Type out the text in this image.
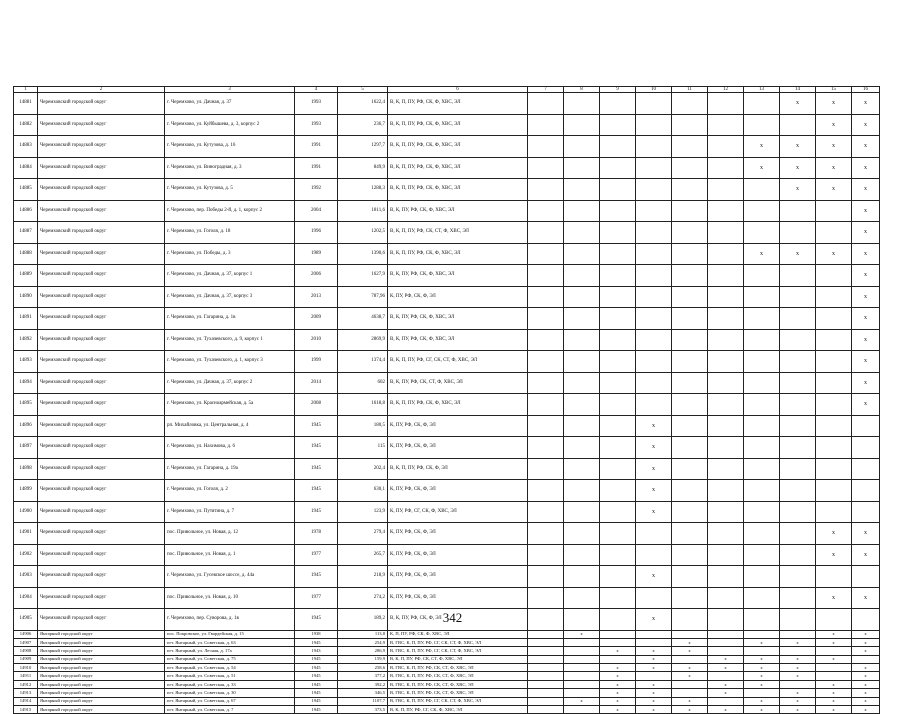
1	2	3	4	5	6	7	8	9	10	11	12	13	14	15	16
14881	Черемховский городской округ	г. Черемхово, ул. Дачная, д. 37	1993	1622,4	В, К, П, ПУ, РФ, СК, Ф, ХВС, ЭЛ								x	x	x
14882	Черемховский городской округ	г. Черемхово, ул. Куйбышева, д. 3, корпус 2	1993	236,7	В, К, П, ПУ, РФ, СК, Ф, ХВС, ЭЛ									x	x
14883	Черемховский городской округ	г. Черемхово, ул. Кутузова, д. 16	1991	1297,7	В, К, П, ПУ, РФ, СК, Ф, ХВС, ЭЛ							x	x	x	x
14884	Черемховский городской округ	г. Черемхово, ул. Виноградная, д. 3	1991	849,9	В, К, П, ПУ, РФ, СК, Ф, ХВС, ЭЛ							x	x	x	x
14885	Черемховский городской округ	г. Черемхово, ул. Кутузова, д. 5	1992	1288,3	В, К, П, ПУ, РФ, СК, Ф, ХВС, ЭЛ								x	x	x
14886	Черемховский городской округ	г. Черемхово, пер. Победы 2-й, д. 1, корпус 2	2004	1811,6	В, К, ПУ, РФ, СК, Ф, ХВС, ЭЛ										x
14887	Черемховский городской округ	г. Черемхово, ул. Гоголя, д. 18	1996	1202,5	В, К, П, ПУ, РФ, СК, СТ, Ф, ХВС, ЭЛ										x
14888	Черемховский городской округ	г. Черемхово, ул. Победы, д. 3	1989	1390,6	В, К, П, ПУ, РФ, СК, Ф, ХВС, ЭЛ							x	x	x	x
14889	Черемховский городской округ	г. Черемхово, ул. Дачная, д. 37, корпус 1	2006	1627,9	В, К, ПУ, РФ, СК, Ф, ХВС, ЭЛ										x
14890	Черемховский городской округ	г. Черемхово, ул. Дачная, д. 37, корпус 3	2013	787,96	К, ПУ, РФ, СК, Ф, ЭЛ										x
14891	Черемховский городской округ	г. Черемхово, ул. Гагарина, д. 1в	2009	4638,7	В, К, ПУ, РФ, СК, Ф, ХВС, ЭЛ										x
14892	Черемховский городской округ	г. Черемхово, ул. Тухачевского, д. 9, корпус 1	2010	2869,9	В, К, ПУ, РФ, СК, Ф, ХВС, ЭЛ										x
14893	Черемховский городской округ	г. Черемхово, ул. Тухачевского, д. 1, корпус 3	1999	1374,4	В, К, П, ПУ, РФ, СГ, СК, СТ, Ф, ХВС, ЭЛ										x
14894	Черемховский городской округ	г. Черемхово, ул. Дачная, д. 37, корпус 2	2014	602	В, К, ПУ, РФ, СК, СТ, Ф, ХВС, ЭЛ										x
14895	Черемховский городской округ	г. Черемхово, ул. Красноармейская, д. 5а	2008	1618,8	В, К, П, ПУ, РФ, СК, Ф, ХВС, ЭЛ										x
14896	Черемховский городской округ	рп. Михайловка, ул. Центральная, д. 4	1945	180,5	К, ПУ, РФ, СК, Ф, ЭЛ				x						
14897	Черемховский городской округ	г. Черемхово, ул. Нахимова, д. 6	1945	115	К, ПУ, РФ, СК, Ф, ЭЛ				x						
14898	Черемховский городской округ	г. Черемхово, ул. Гагарина, д. 19а	1945	202,4	В, К, П, ПУ, РФ, СК, Ф, ЭЛ				x						
14899	Черемховский городской округ	г. Черемхово, ул. Гоголя, д. 2	1945	630,1	К, ПУ, РФ, СК, Ф, ЭЛ				x						
14900	Черемховский городской округ	г. Черемхово, ул. Путятина, д. 7	1945	123,9	К, ПУ, РФ, СГ, СК, Ф, ХВС, ЭЛ				x						
14901	Черемховский городской округ	пос. Привольное, ул. Новая, д. 12	1978	279,4	К, ПУ, РФ, СК, Ф, ЭЛ									x	x
14902	Черемховский городской округ	пос. Привольное, ул. Новая, д. 1	1977	265,7	К, ПУ, РФ, СК, Ф, ЭЛ									x	x
14903	Черемховский городской округ	г. Черемхово, ул. Гусевское шоссе, д. 44а	1945	218,9	К, ПУ, РФ, СК, Ф, ЭЛ				x						
14904	Черемховский городской округ	пос. Привольное, ул. Новая, д. 10	1977	274,2	К, ПУ, РФ, СК, Ф, ЭЛ									x	x
14905	Черемховский городской округ	г. Черемхово, пер. Суворова, д. 1в	1945	189,2	В, К, ПУ, РФ, СК, Ф, ЭЛ				x						
14906	Янтарный городской округ	пос. Покровское, ул. Гвардейская, д. 15	1938	113,8	К, П, ПУ, РФ, СК, Ф, ХВС, ЭЛ		x							x	x
14907	Янтарный городской округ	пгт. Янтарный, ул. Советская, д. 63	1945	254,9	В, ГВС, К, П, ПУ, РФ, СГ, СК, СТ, Ф, ХВС, ЭЛ					x		x	x	x	x
14908	Янтарный городской округ	пгт. Янтарный, ул. Лесная, д. 17а	1943	286,9	В, ГВС, К, П, ПУ, РФ, СГ, СК, СТ, Ф, ХВС, ЭЛ			x	x	x					x
14909	Янтарный городской округ	пгт. Янтарный, ул. Советская, д. 75	1945	159,9	В, К, П, ПУ, РФ, СК, СТ, Ф, ХВС, ЭЛ				x		x	x	x	x	
14910	Янтарный городской округ	пгт. Янтарный, ул. Советская, д. 54	1945	258,6	В, ГВС, К, П, ПУ, РФ, СК, СТ, Ф, ХВС, ЭЛ			x	x	x	x	x	x		x
14911	Янтарный городской округ	пгт. Янтарный, ул. Советская, д. 51	1945	377,2	В, ГВС, К, П, ПУ, РФ, СК, СТ, Ф, ХВС, ЭЛ			x		x		x	x		x
14912	Янтарный городской округ	пгт. Янтарный, ул. Советская, д. 33	1945	392,2	В, ГВС, К, П, ПУ, РФ, СК, СТ, Ф, ХВС, ЭЛ			x	x		x	x		x	x
14913	Янтарный городской округ	пгт. Янтарный, ул. Советская, д. 30	1945	346,5	В, ГВС, К, П, ПУ, РФ, СК, СТ, Ф, ХВС, ЭЛ			x	x		x		x	x	x
14914	Янтарный городской округ	пгт. Янтарный, ул. Советская, д. 67	1945	1107,7	В, ГВС, К, П, ПУ, РФ, СГ, СК, СТ, Ф, ХВС, ЭЛ		x	x	x	x		x	x	x	x
14915	Янтарный городской округ	пгт. Янтарный, ул. Советская, д. 7	1945	373,5	В, К, П, ПУ, РФ, СГ, СК, Ф, ХВС, ЭЛ			x	x	x	x	x	x	x	x
342
